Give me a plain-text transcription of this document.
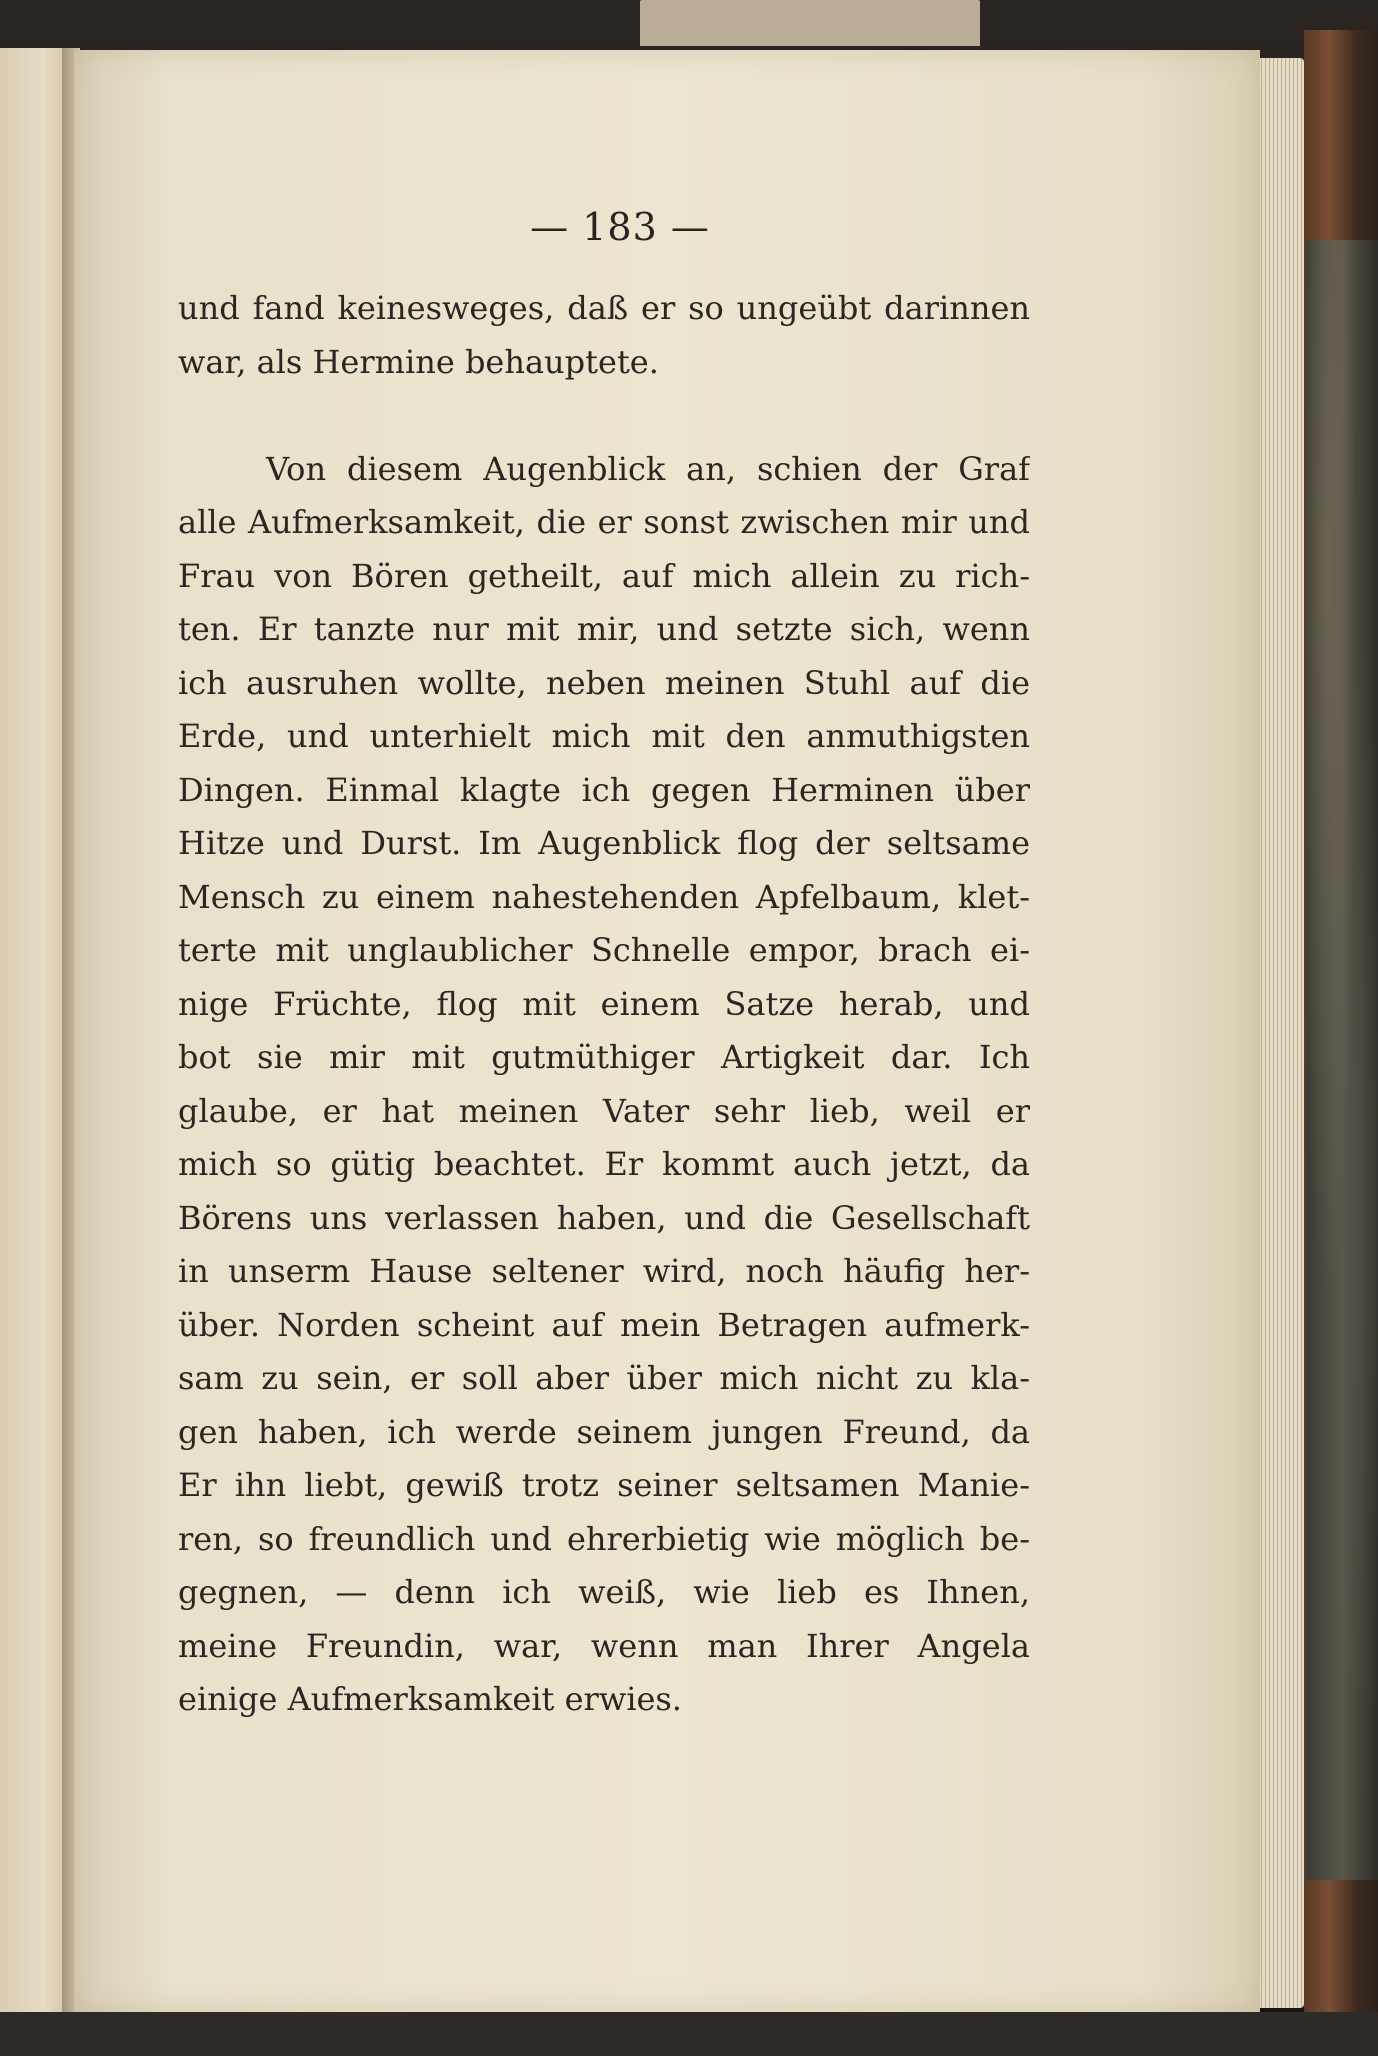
— 183 —
und fand keinesweges, daß er so ungeübt darinnen
war, als Hermine behauptete.
Von diesem Augenblick an, schien der Graf
alle Aufmerksamkeit, die er sonst zwischen mir und
Frau von Bören getheilt, auf mich allein zu rich-
ten. Er tanzte nur mit mir, und setzte sich, wenn
ich ausruhen wollte, neben meinen Stuhl auf die
Erde, und unterhielt mich mit den anmuthigsten
Dingen. Einmal klagte ich gegen Herminen über
Hitze und Durst. Im Augenblick flog der seltsame
Mensch zu einem nahestehenden Apfelbaum, klet-
terte mit unglaublicher Schnelle empor, brach ei-
nige Früchte, flog mit einem Satze herab, und
bot sie mir mit gutmüthiger Artigkeit dar. Ich
glaube, er hat meinen Vater sehr lieb, weil er
mich so gütig beachtet. Er kommt auch jetzt, da
Börens uns verlassen haben, und die Gesellschaft
in unserm Hause seltener wird, noch häufig her-
über. Norden scheint auf mein Betragen aufmerk-
sam zu sein, er soll aber über mich nicht zu kla-
gen haben, ich werde seinem jungen Freund, da
Er ihn liebt, gewiß trotz seiner seltsamen Manie-
ren, so freundlich und ehrerbietig wie möglich be-
gegnen, — denn ich weiß, wie lieb es Ihnen,
meine Freundin, war, wenn man Ihrer Angela
einige Aufmerksamkeit erwies.
